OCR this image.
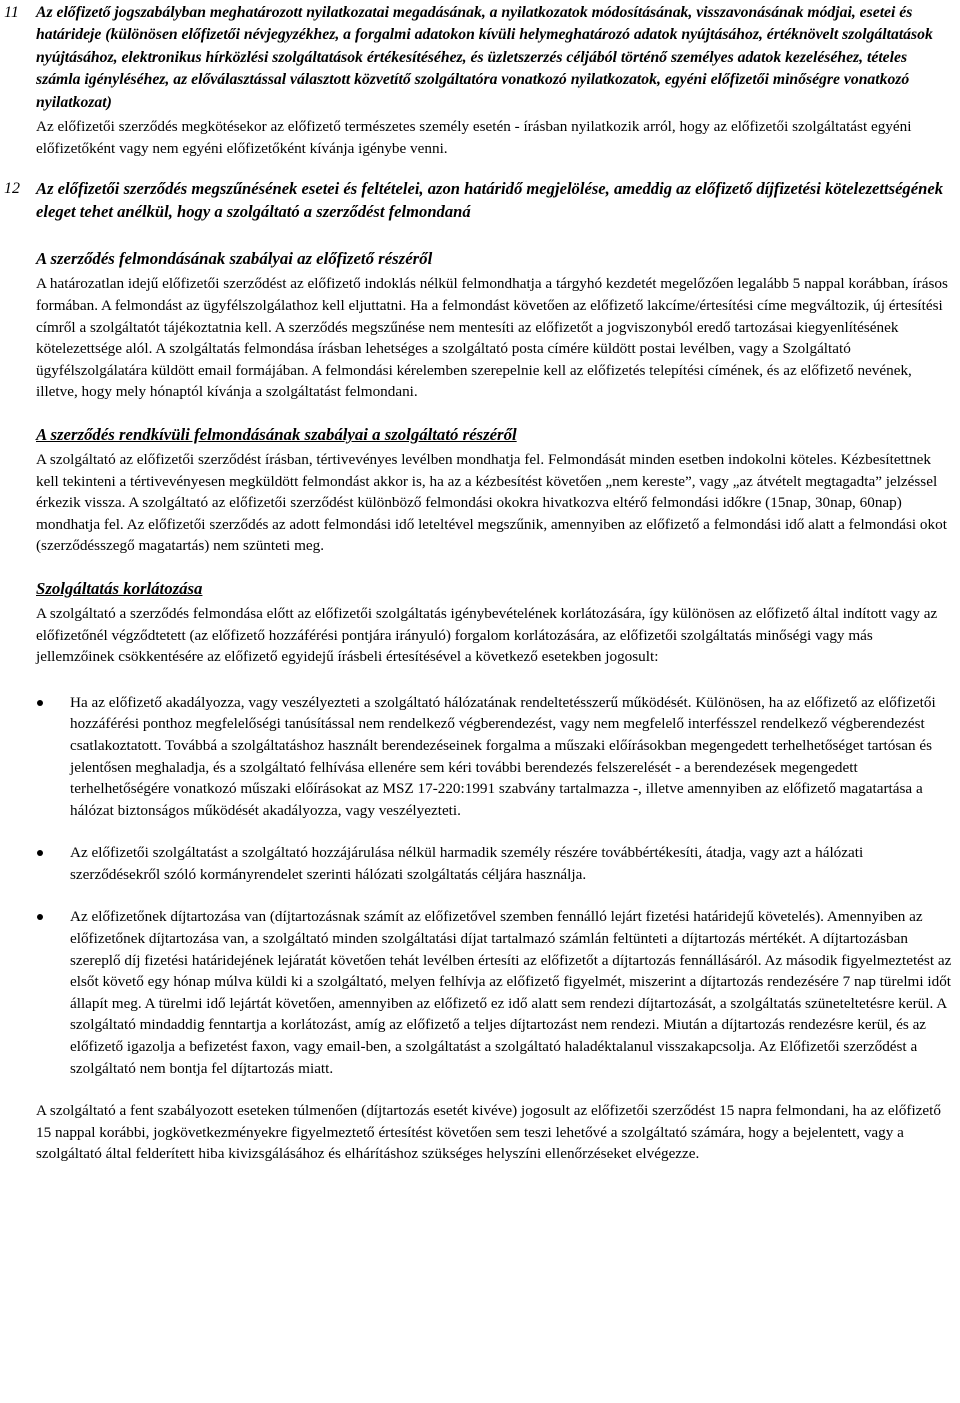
11 Az előfizető jogszabályban meghatározott nyilatkozatai megadásának, a nyilatkozatok módosításának, visszavonásának módjai, esetei és határideje (különösen előfizetői névjegyzékhez, a forgalmi adatokon kívüli helymeghatározó adatok nyújtásához, értéknövelt szolgáltatások nyújtásához, elektronikus hírközlési szolgáltatások értékesítéséhez, és üzletszerzés céljából történő személyes adatok kezeléséhez, tételes számla igényléséhez, az előválasztással választott közvetítő szolgáltatóra vonatkozó nyilatkozatok, egyéni előfizetői minőségre vonatkozó nyilatkozat)

Az előfizetői szerződés megkötésekor az előfizető természetes személy esetén - írásban nyilatkozik arról, hogy az előfizetői szolgáltatást egyéni előfizetőként vagy nem egyéni előfizetőként kívánja igénybe venni.

12 Az előfizetői szerződés megszűnésének esetei és feltételei, azon határidő megjelölése, ameddig az előfizető díjfizetési kötelezettségének eleget tehet anélkül, hogy a szolgáltató a szerződést felmondaná

A szerződés felmondásának szabályai az előfizető részéről

A határozatlan idejű előfizetői szerződést az előfizető indoklás nélkül felmondhatja a tárgyhó kezdetét megelőzően legalább 5 nappal korábban, írásos formában. A felmondást az ügyfélszolgálathoz kell eljuttatni. Ha a felmondást követően az előfizető lakcíme/értesítési címe megváltozik, új értesítési címről a szolgáltatót tájékoztatnia kell. A szerződés megszűnése nem mentesíti az előfizetőt a jogviszonyból eredő tartozásai kiegyenlítésének kötelezettsége alól. A szolgáltatás felmondása írásban lehetséges a szolgáltató posta címére küldött postai levélben, vagy a Szolgáltató ügyfélszolgálatára küldött email formájában. A felmondási kérelemben szerepelnie kell az előfizetés telepítési címének, és az előfizető nevének, illetve, hogy mely hónaptól kívánja a szolgáltatást felmondani.

A szerződés rendkívüli felmondásának szabályai a szolgáltató részéről

A szolgáltató az előfizetői szerződést írásban, tértivevényes levélben mondhatja fel. Felmondását minden esetben indokolni köteles. Kézbesítettnek kell tekinteni a tértivevényesen megküldött felmondást akkor is, ha az a kézbesítést követően „nem kereste”, vagy „az átvételt megtagadta” jelzéssel érkezik vissza. A szolgáltató az előfizetői szerződést különböző felmondási okokra hivatkozva eltérő felmondási időkre (15nap, 30nap, 60nap) mondhatja fel. Az előfizetői szerződés az adott felmondási idő leteltével megszűnik, amennyiben az előfizető a felmondási idő alatt a felmondási okot (szerződésszegő magatartás) nem szünteti meg.

Szolgáltatás korlátozása

A szolgáltató a szerződés felmondása előtt az előfizetői szolgáltatás igénybevételének korlátozására, így különösen az előfizető által indított vagy az előfizetőnél végződtetett (az előfizető hozzáférési pontjára irányuló) forgalom korlátozására, az előfizetői szolgáltatás minőségi vagy más jellemzőinek csökkentésére az előfizető egyidejű írásbeli értesítésével a következő esetekben jogosult:

Ha az előfizető akadályozza, vagy veszélyezteti a szolgáltató hálózatának rendeltetésszerű működését. Különösen, ha az előfizető az előfizetői hozzáférési ponthoz megfelelőségi tanúsítással nem rendelkező végberendezést, vagy nem megfelelő interfésszel rendelkező végberendezést csatlakoztatott. Továbbá a szolgáltatáshoz használt berendezéseinek forgalma a műszaki előírásokban megengedett terhelhetőséget tartósan és jelentősen meghaladja, és a szolgáltató felhívása ellenére sem kéri további berendezés felszerelését - a berendezések megengedett terhelhetőségére vonatkozó műszaki előírásokat az MSZ 17-220:1991 szabvány tartalmazza -, illetve amennyiben az előfizető magatartása a hálózat biztonságos működését akadályozza, vagy veszélyezteti.

Az előfizetői szolgáltatást a szolgáltató hozzájárulása nélkül harmadik személy részére továbbértékesíti, átadja, vagy azt a hálózati szerződésekről szóló kormányrendelet szerinti hálózati szolgáltatás céljára használja.

Az előfizetőnek díjtartozása van (díjtartozásnak számít az előfizetővel szemben fennálló lejárt fizetési határidejű követelés). Amennyiben az előfizetőnek díjtartozása van, a szolgáltató minden szolgáltatási díjat tartalmazó számlán feltünteti a díjtartozás mértékét. A díjtartozásban szereplő díj fizetési határidejének lejáratát követően tehát levélben értesíti az előfizetőt a díjtartozás fennállásáról. Az második figyelmeztetést az elsőt követő egy hónap múlva küldi ki a szolgáltató, melyen felhívja az előfizető figyelmét, miszerint a díjtartozás rendezésére 7 nap türelmi időt állapít meg. A türelmi idő lejártát követően, amennyiben az előfizető ez idő alatt sem rendezi díjtartozását, a szolgáltatás szüneteltetésre kerül. A szolgáltató mindaddig fenntartja a korlátozást, amíg az előfizető a teljes díjtartozást nem rendezi. Miután a díjtartozás rendezésre kerül, és az előfizető igazolja a befizetést faxon, vagy email-ben, a szolgáltatást a szolgáltató haladéktalanul visszakapcsolja. Az Előfizetői szerződést a szolgáltató nem bontja fel díjtartozás miatt.

A szolgáltató a fent szabályozott eseteken túlmenően (díjtartozás esetét kivéve) jogosult az előfizetői szerződést 15 napra felmondani, ha az előfizető 15 nappal korábbi, jogkövetkezményekre figyelmeztető értesítést követően sem teszi lehetővé a szolgáltató számára, hogy a bejelentett, vagy a szolgáltató által felderített hiba kivizsgálásához és elhárításhoz szükséges helyszíni ellenőrzéseket elvégezze.
